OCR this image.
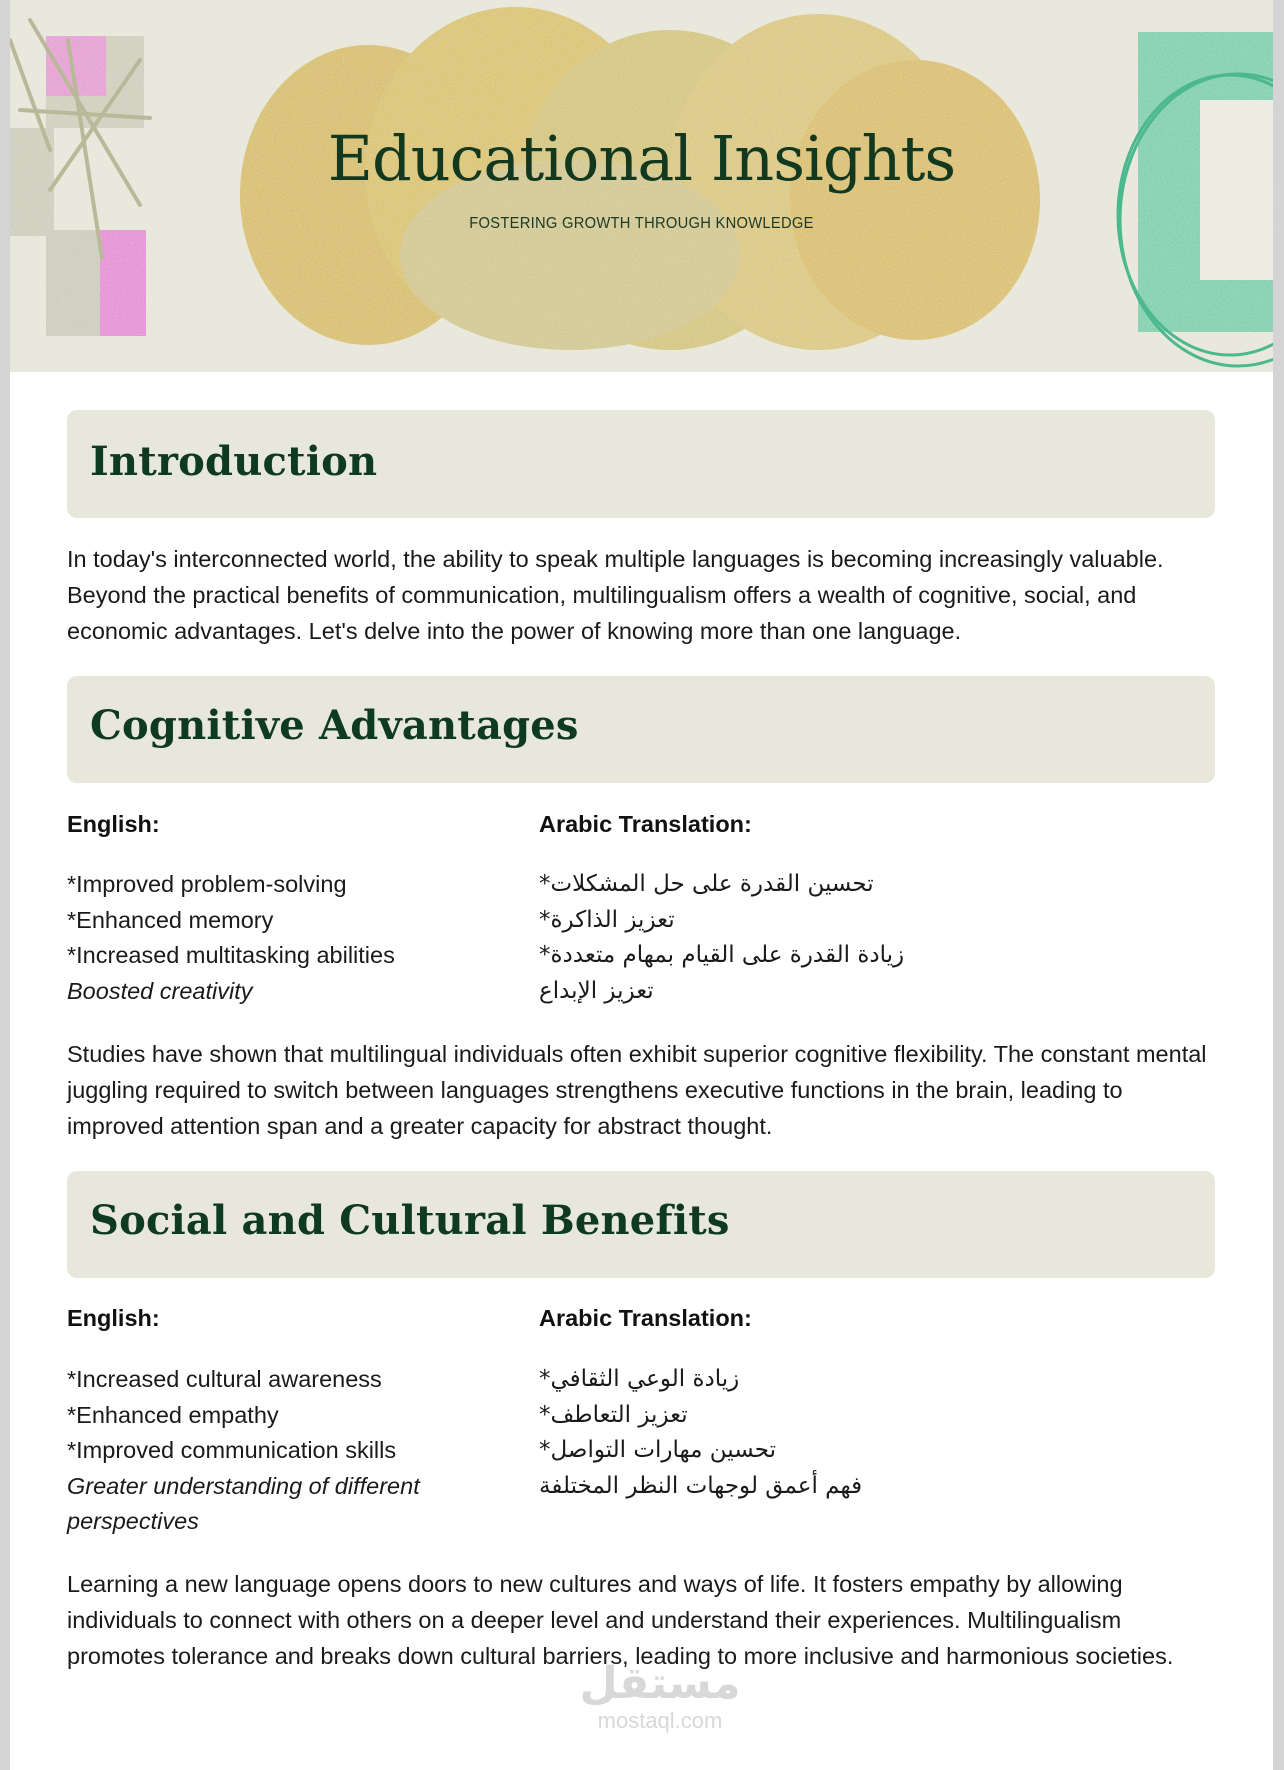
Educational Insights
FOSTERING GROWTH THROUGH KNOWLEDGE
Introduction

In today's interconnected world, the ability to speak multiple languages is becoming increasingly valuable. Beyond the practical benefits of communication, multilingualism offers a wealth of cognitive, social, and economic advantages. Let's delve into the power of knowing more than one language.

Cognitive Advantages
English:	Arabic Translation:
*Improved problem-solving
*Enhanced memory
*Increased multitasking abilities
Boosted creativity
*تحسين القدرة على حل المشكلات
*تعزيز الذاكرة
*زيادة القدرة على القيام بمهام متعددة
تعزيز الإبداع

Studies have shown that multilingual individuals often exhibit superior cognitive flexibility. The constant mental juggling required to switch between languages strengthens executive functions in the brain, leading to improved attention span and a greater capacity for abstract thought.

Social and Cultural Benefits
English:	Arabic Translation:
*Increased cultural awareness
*Enhanced empathy
*Improved communication skills
Greater understanding of different perspectives
*زيادة الوعي الثقافي
*تعزيز التعاطف
*تحسين مهارات التواصل
فهم أعمق لوجهات النظر المختلفة

Learning a new language opens doors to new cultures and ways of life. It fosters empathy by allowing individuals to connect with others on a deeper level and understand their experiences. Multilingualism promotes tolerance and breaks down cultural barriers, leading to more inclusive and harmonious societies.

مستقل
mostaql.com
